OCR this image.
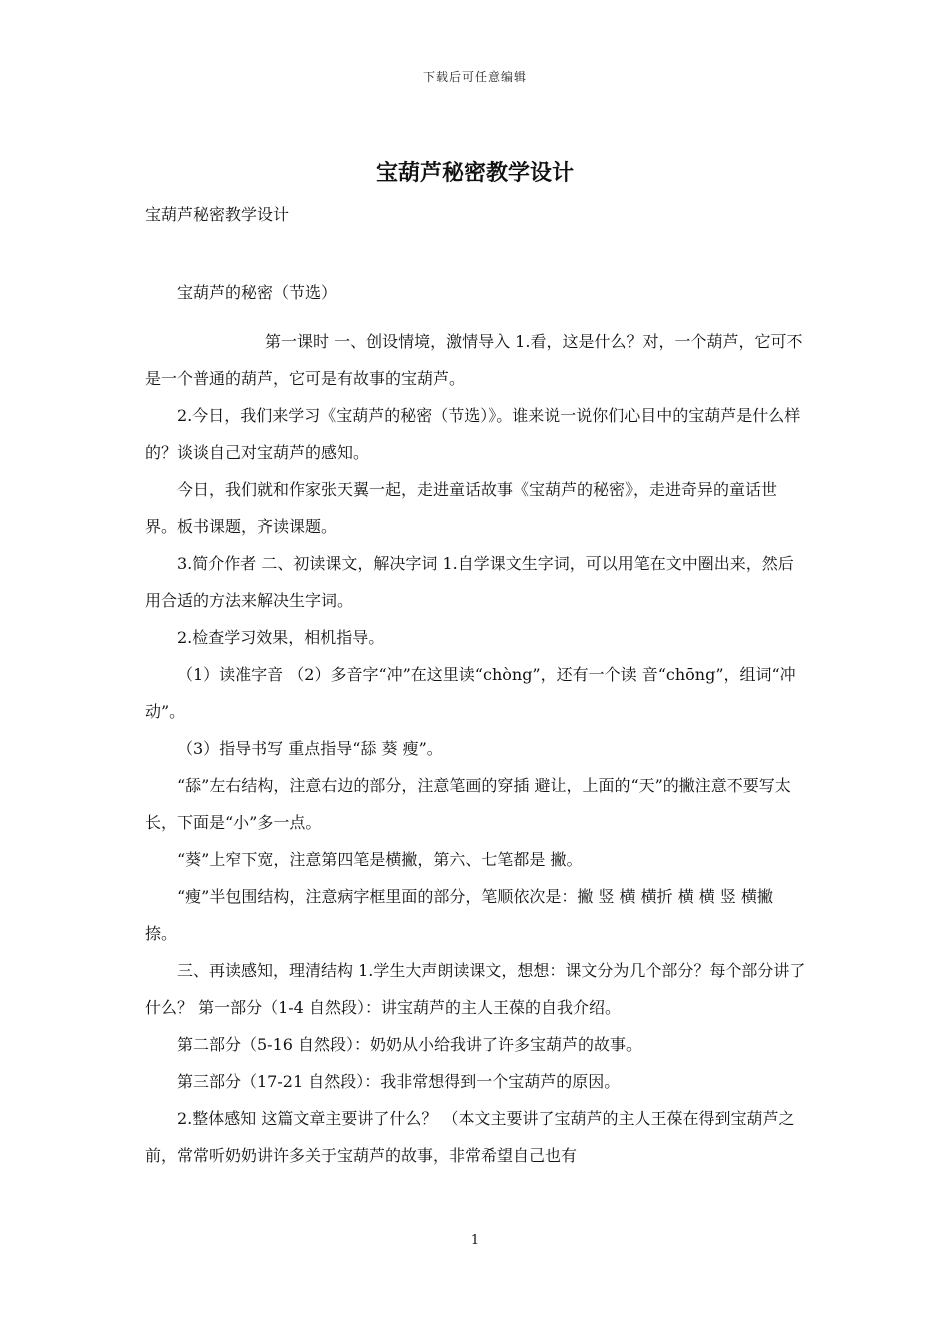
下载后可任意编辑
宝葫芦秘密教学设计
宝葫芦秘密教学设计

宝葫芦的秘密（节选）

第一课时 一、创设情境，激情导入 1.看，这是什么？对，一个葫芦，它可不是一个普通的葫芦，它可是有故事的宝葫芦。

2.今日，我们来学习《宝葫芦的秘密（节选）》。谁来说一说你们心目中的宝葫芦是什么样的？谈谈自己对宝葫芦的感知。

今日，我们就和作家张天翼一起，走进童话故事《宝葫芦的秘密》，走进奇异的童话世界。板书课题，齐读课题。

3.简介作者 二、初读课文，解决字词 1.自学课文生字词，可以用笔在文中圈出来，然后用合适的方法来解决生字词。

2.检查学习效果，相机指导。

（1）读准字音 （2）多音字“冲”在这里读“chòng”，还有一个读 音“chōng”，组词“冲动”。

（3）指导书写 重点指导“舔 葵 瘦”。

“舔”左右结构，注意右边的部分，注意笔画的穿插 避让，上面的“天”的撇注意不要写太长，下面是“小”多一点。

“葵”上窄下宽，注意第四笔是横撇，第六、七笔都是 撇。

“瘦”半包围结构，注意病字框里面的部分，笔顺依次是：撇 竖 横 横折 横 横 竖 横撇 捺。

三、再读感知，理清结构 1.学生大声朗读课文，想想：课文分为几个部分？每个部分讲了什么？ 第一部分（1-4 自然段）：讲宝葫芦的主人王葆的自我介绍。

第二部分（5-16 自然段）：奶奶从小给我讲了许多宝葫芦的故事。

第三部分（17-21 自然段）：我非常想得到一个宝葫芦的原因。

2.整体感知 这篇文章主要讲了什么？ （本文主要讲了宝葫芦的主人王葆在得到宝葫芦之前，常常听奶奶讲许多关于宝葫芦的故事，非常希望自己也有

1
